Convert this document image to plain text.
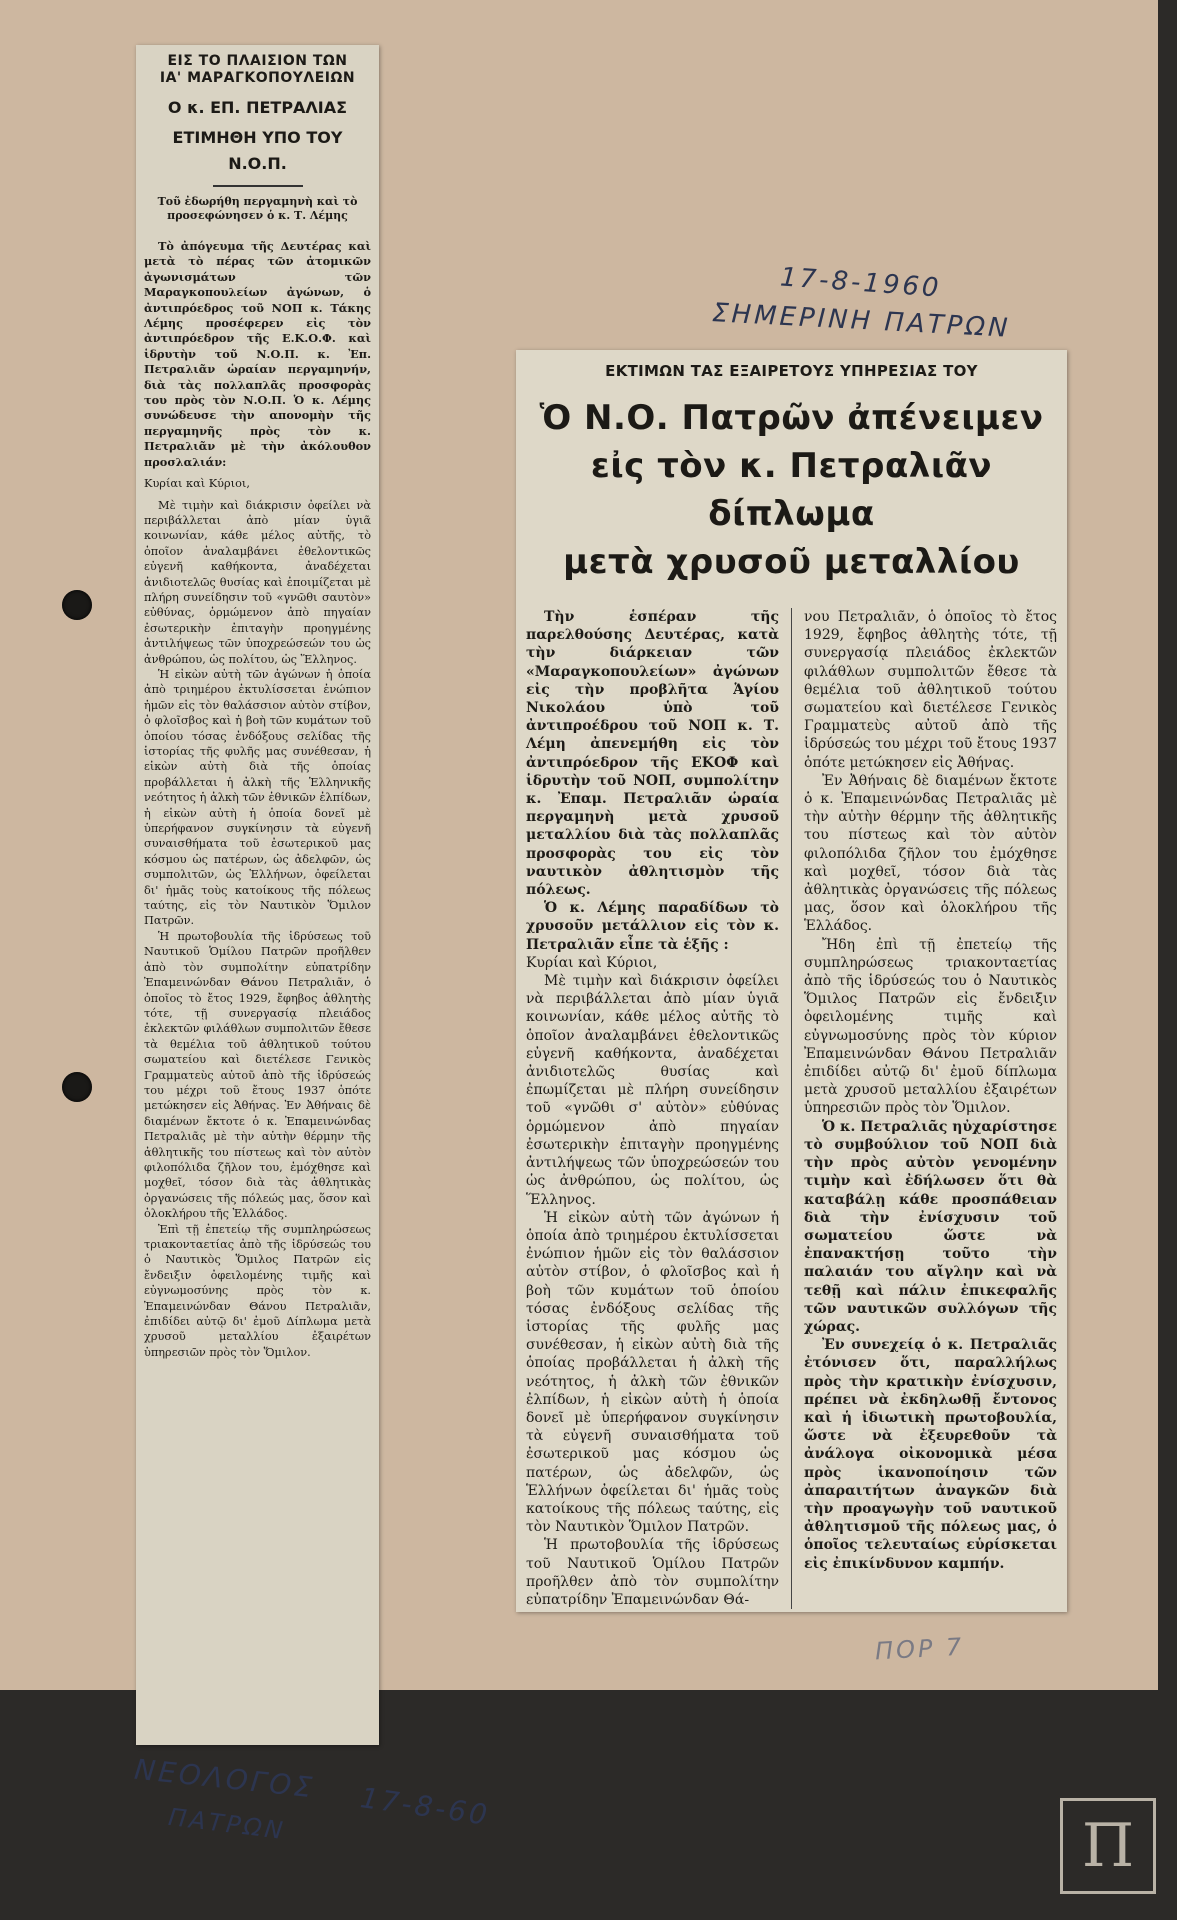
17-8-1960
ΣΗΜΕΡΙΝΗ ΠΑΤΡΩΝ
ΠΟΡ 7
ΕΙΣ ΤΟ ΠΛΑΙΣΙΟΝ ΤΩΝ
ΙΑ' ΜΑΡΑΓΚΟΠΟΥΛΕΙΩΝ
Ο κ. ΕΠ. ΠΕΤΡΑΛΙΑΣ
ΕΤΙΜΗΘΗ ΥΠΟ ΤΟΥ Ν.Ο.Π.
Τοῦ ἐδωρήθη περγαμηνὴ καὶ τὸ προσεφώνησεν ὁ κ. Τ. Λέμης

Τὸ ἀπόγευμα τῆς Δευτέρας καὶ μετὰ τὸ πέρας τῶν ἀτομικῶν ἀγωνισμάτων τῶν Μαραγκοπουλείων ἀγώνων, ὁ ἀντιπρόεδρος τοῦ ΝΟΠ κ. Τάκης Λέμης προσέφερεν εἰς τὸν ἀντιπρόεδρον τῆς Ε.Κ.Ο.Φ. καὶ ἱδρυτὴν τοῦ Ν.Ο.Π. κ. Ἐπ. Πετραλιᾶν ὡραίαν περγαμηνήν, διὰ τὰς πολλαπλᾶς προσφορὰς του πρὸς τὸν Ν.Ο.Π. Ὁ κ. Λέμης συνώδευσε τὴν απονομὴν τῆς περγαμηνῆς πρὸς τὸν κ. Πετραλιᾶν μὲ τὴν ἀκόλουθον προσλαλιάν:

Κυρίαι καὶ Κύριοι,

Μὲ τιμὴν καὶ διάκρισιν ὀφείλει νὰ περιβάλλεται ἀπὸ μίαν ὑγιᾶ κοινωνίαν, κάθε μέλος αὐτῆς, τὸ ὁποῖον ἀναλαμβάνει ἐθελοντικῶς εὐγενῆ καθήκοντα, ἀναδέχεται ἀνιδιοτελῶς θυσίας καὶ ἐποιμίζεται μὲ πλήρη συνείδησιν τοῦ «γνῶθι σαυτὸν» εὐθύνας, ὁρμώμενον ἀπὸ πηγαίαν ἐσωτερικὴν ἐπιταγὴν προηγμένης ἀντιλήψεως τῶν ὑποχρεώσεών του ὡς ἀνθρώπου, ὡς πολίτου, ὡς Ἕλληνος.

Ἡ εἰκὼν αὐτὴ τῶν ἀγώνων ἡ ὁποία ἀπὸ τριημέρου ἐκτυλίσσεται ἐνώπιον ἡμῶν εἰς τὸν θαλάσσιον αὐτὸν στίβον, ὁ φλοῖσβος καὶ ἡ βοὴ τῶν κυμάτων τοῦ ὁποίου τόσας ἐνδόξους σελίδας τῆς ἱστορίας τῆς φυλῆς μας συνέθεσαν, ἡ εἰκὼν αὐτὴ διὰ τῆς ὁποίας προβάλλεται ἡ ἀλκὴ τῆς Ἑλληνικῆς νεότητος ἡ ἀλκὴ τῶν ἐθνικῶν ἐλπίδων, ἡ εἰκὼν αὐτὴ ἡ ὁποία δονεῖ μὲ ὑπερήφανον συγκίνησιν τὰ εὐγενῆ συναισθήματα τοῦ ἐσωτερικοῦ μας κόσμου ὡς πατέρων, ὡς ἀδελφῶν, ὡς συμπολιτῶν, ὡς Ἑλλήνων, ὀφείλεται δι' ἡμᾶς τοὺς κατοίκους τῆς πόλεως ταύτης, εἰς τὸν Ναυτικὸν Ὅμιλον Πατρῶν.

Ἡ πρωτοβουλία τῆς ἱδρύσεως τοῦ Ναυτικοῦ Ὁμίλου Πατρῶν προῆλθεν ἀπὸ τὸν συμπολίτην εὐπατρίδην Ἐπαμεινώνδαν Θάνου Πετραλιᾶν, ὁ ὁποῖος τὸ ἔτος 1929, ἔφηβος ἀθλητὴς τότε, τῇ συνεργασίᾳ πλειάδος ἐκλεκτῶν φιλάθλων συμπολιτῶν ἔθεσε τὰ θεμέλια τοῦ ἀθλητικοῦ τούτου σωματείου καὶ διετέλεσε Γενικὸς Γραμματεὺς αὐτοῦ ἀπὸ τῆς ἱδρύσεώς του μέχρι τοῦ ἔτους 1937 ὁπότε μετώκησεν εἰς Ἀθήνας. Ἐν Ἀθήναις δὲ διαμένων ἔκτοτε ὁ κ. Ἐπαμεινώνδας Πετραλιᾶς μὲ τὴν αὐτὴν θέρμην τῆς ἀθλητικῆς του πίστεως καὶ τὸν αὐτὸν φιλοπόλιδα ζῆλον του, ἐμόχθησε καὶ μοχθεῖ, τόσον διὰ τὰς ἀθλητικὰς ὀργανώσεις τῆς πόλεώς μας, ὅσον καὶ ὁλοκλήρου τῆς Ἑλλάδος.

Ἐπὶ τῇ ἐπετείῳ τῆς συμπληρώσεως τριακονταετίας ἀπὸ τῆς ἱδρύσεώς του ὁ Ναυτικὸς Ὅμιλος Πατρῶν εἰς ἔνδειξιν ὀφειλομένης τιμῆς καὶ εὐγνωμοσύνης πρὸς τὸν κ. Ἐπαμεινώνδαν Θάνου Πετραλιᾶν, ἐπιδίδει αὐτῷ δι' ἐμοῦ Δίπλωμα μετὰ χρυσοῦ μεταλλίου ἐξαιρέτων ὑπηρεσιῶν πρὸς τὸν Ὅμιλον.

ΕΚΤΙΜΩΝ ΤΑΣ ΕΞΑΙΡΕΤΟΥΣ ΥΠΗΡΕΣΙΑΣ ΤΟΥ
Ὁ Ν.Ο. Πατρῶν ἀπένειμεν
εἰς τὸν κ. Πετραλιᾶν δίπλωμα
μετὰ χρυσοῦ μεταλλίου

Τὴν ἑσπέραν τῆς παρελθούσης Δευτέρας, κατὰ τὴν διάρκειαν τῶν «Μαραγκοπουλείων» ἀγώνων εἰς τὴν προβλῆτα Ἁγίου Νικολάου ὑπὸ τοῦ ἀντιπροέδρου τοῦ ΝΟΠ κ. Τ. Λέμη ἀπενεμήθη εἰς τὸν ἀντιπρόεδρον τῆς ΕΚΟΦ καὶ ἱδρυτὴν τοῦ ΝΟΠ, συμπολίτην κ. Ἐπαμ. Πετραλιᾶν ὡραία περγαμηνὴ μετὰ χρυσοῦ μεταλλίου διὰ τὰς πολλαπλᾶς προσφορὰς του εἰς τὸν ναυτικὸν ἀθλητισμὸν τῆς πόλεως.

Ὁ κ. Λέμης παραδίδων τὸ χρυσοῦν μετάλλιον εἰς τὸν κ. Πετραλιᾶν εἶπε τὰ ἑξῆς :

Κυρίαι καὶ Κύριοι,

Μὲ τιμὴν καὶ διάκρισιν ὀφείλει νὰ περιβάλλεται ἀπὸ μίαν ὑγιᾶ κοινωνίαν, κάθε μέλος αὐτῆς τὸ ὁποῖον ἀναλαμβάνει ἐθελοντικῶς εὐγενῆ καθήκοντα, ἀναδέχεται ἀνιδιοτελῶς θυσίας καὶ ἐπωμίζεται μὲ πλήρη συνείδησιν τοῦ «γνῶθι σ' αὐτὸν» εὐθύνας ὁρμώμενον ἀπὸ πηγαίαν ἐσωτερικὴν ἐπιταγὴν προηγμένης ἀντιλήψεως τῶν ὑποχρεώσεών του ὡς ἀνθρώπου, ὡς πολίτου, ὡς Ἕλληνος.

Ἡ εἰκὼν αὐτὴ τῶν ἀγώνων ἡ ὁποία ἀπὸ τριημέρου ἐκτυλίσσεται ἐνώπιον ἡμῶν εἰς τὸν θαλάσσιον αὐτὸν στίβον, ὁ φλοῖσβος καὶ ἡ βοὴ τῶν κυμάτων τοῦ ὁποίου τόσας ἐνδόξους σελίδας τῆς ἱστορίας τῆς φυλῆς μας συνέθεσαν, ἡ εἰκὼν αὐτὴ διὰ τῆς ὁποίας προβάλλεται ἡ ἀλκὴ τῆς νεότητος, ἡ ἀλκὴ τῶν ἐθνικῶν ἐλπίδων, ἡ εἰκὼν αὐτὴ ἡ ὁποία δονεῖ μὲ ὑπερήφανον συγκίνησιν τὰ εὐγενῆ συναισθήματα τοῦ ἐσωτερικοῦ μας κόσμου ὡς πατέρων, ὡς ἀδελφῶν, ὡς Ἑλλήνων ὀφείλεται δι' ἡμᾶς τοὺς κατοίκους τῆς πόλεως ταύτης, εἰς τὸν Ναυτικὸν Ὅμιλον Πατρῶν.

Ἡ πρωτοβουλία τῆς ἱδρύσεως τοῦ Ναυτικοῦ Ὁμίλου Πατρῶν προῆλθεν ἀπὸ τὸν συμπολίτην εὐπατρίδην Ἐπαμεινώνδαν Θά-

νου Πετραλιᾶν, ὁ ὁποῖος τὸ ἔτος 1929, ἔφηβος ἀθλητὴς τότε, τῇ συνεργασίᾳ πλειάδος ἐκλεκτῶν φιλάθλων συμπολιτῶν ἔθεσε τὰ θεμέλια τοῦ ἀθλητικοῦ τούτου σωματείου καὶ διετέλεσε Γενικὸς Γραμματεὺς αὐτοῦ ἀπὸ τῆς ἱδρύσεώς του μέχρι τοῦ ἔτους 1937 ὁπότε μετώκησεν εἰς Ἀθήνας.

Ἐν Ἀθήναις δὲ διαμένων ἔκτοτε ὁ κ. Ἐπαμεινώνδας Πετραλιᾶς μὲ τὴν αὐτὴν θέρμην τῆς ἀθλητικῆς του πίστεως καὶ τὸν αὐτὸν φιλοπόλιδα ζῆλον του ἐμόχθησε καὶ μοχθεῖ, τόσον διὰ τὰς ἀθλητικὰς ὀργανώσεις τῆς πόλεως μας, ὅσον καὶ ὁλοκλήρου τῆς Ἑλλάδος.

Ἤδη ἐπὶ τῇ ἐπετείῳ τῆς συμπληρώσεως τριακονταετίας ἀπὸ τῆς ἱδρύσεώς του ὁ Ναυτικὸς Ὅμιλος Πατρῶν εἰς ἔνδειξιν ὀφειλομένης τιμῆς καὶ εὐγνωμοσύνης πρὸς τὸν κύριον Ἐπαμεινώνδαν Θάνου Πετραλιᾶν ἐπιδίδει αὐτῷ δι' ἐμοῦ δίπλωμα μετὰ χρυσοῦ μεταλλίου ἐξαιρέτων ὑπηρεσιῶν πρὸς τὸν Ὅμιλον.

Ὁ κ. Πετραλιᾶς ηὐχαρίστησε τὸ συμβούλιον τοῦ ΝΟΠ διὰ τὴν πρὸς αὐτὸν γενομένην τιμὴν καὶ ἐδήλωσεν ὅτι θὰ καταβάλῃ κάθε προσπάθειαν διὰ τὴν ἐνίσχυσιν τοῦ σωματείου ὥστε νὰ ἐπανακτήσῃ τοῦτο τὴν παλαιάν του αἴγλην καὶ νὰ τεθῇ καὶ πάλιν ἐπικεφαλῆς τῶν ναυτικῶν συλλόγων τῆς χώρας.

Ἐν συνεχείᾳ ὁ κ. Πετραλιᾶς ἐτόνισεν ὅτι, παραλλήλως πρὸς τὴν κρατικὴν ἐνίσχυσιν, πρέπει νὰ ἐκδηλωθῇ ἔντονος καὶ ἡ ἰδιωτικὴ πρωτοβουλία, ὥστε νὰ ἐξευρεθοῦν τὰ ἀνάλογα οἰκονομικὰ μέσα πρὸς ἱκανοποίησιν τῶν ἀπαραιτήτων ἀναγκῶν διὰ τὴν προαγωγὴν τοῦ ναυτικοῦ ἀθλητισμοῦ τῆς πόλεως μας, ὁ ὁποῖος τελευταίως εὑρίσκεται εἰς ἐπικίνδυνον καμπήν.

ΝΕΟΛΟΓΟΣ
17-8-60
ΠΑΤΡΩΝ	Π
